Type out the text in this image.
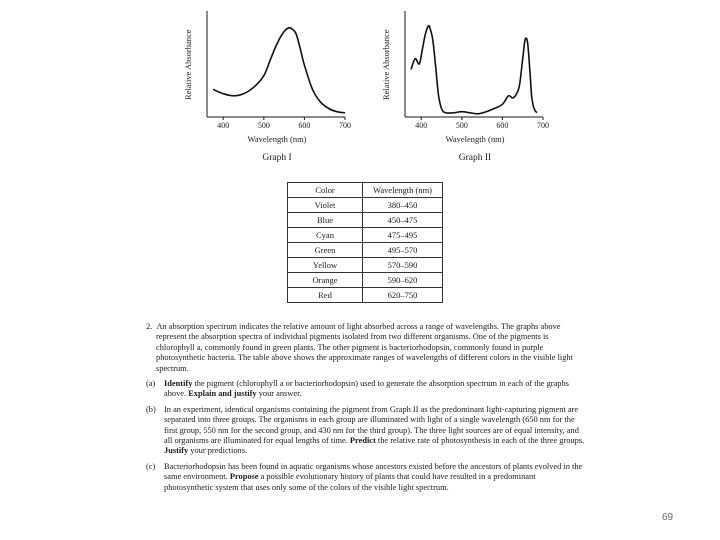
Relative Absorbance
400	500	600	700
Wavelength (nm)
Graph I
Relative Absorbance
400	500	600	700
Wavelength (nm)
Graph II
Color	Wavelength (nm)
Violet	380–450
Blue	450–475
Cyan	475–495
Green	495–570
Yellow	570–590
Orange	590–620
Red	620–750

2. An absorption spectrum indicates the relative amount of light absorbed across a range of wavelengths. The graphs above represent the absorption spectra of individual pigments isolated from two different organisms. One of the pigments is chlorophyll a, commonly found in green plants. The other pigment is bacteriorhodopsin, commonly found in purple photosynthetic bacteria. The table above shows the approximate ranges of wavelengths of different colors in the visible light spectrum.

(a) Identify the pigment (chlorophyll a or bacteriorhodopsin) used to generate the absorption spectrum in each of the graphs above. Explain and justify your answer.

(b) In an experiment, identical organisms containing the pigment from Graph II as the predominant light-capturing pigment are separated into three groups. The organisms in each group are illuminated with light of a single wavelength (650 nm for the first group, 550 nm for the second group, and 430 nm for the third group). The three light sources are of equal intensity, and all organisms are illuminated for equal lengths of time. Predict the relative rate of photosynthesis in each of the three groups. Justify your predictions.

(c) Bacteriorhodopsin has been found in aquatic organisms whose ancestors existed before the ancestors of plants evolved in the same environment. Propose a possible evolutionary history of plants that could have resulted in a predominant photosynthetic system that uses only some of the colors of the visible light spectrum.

69
